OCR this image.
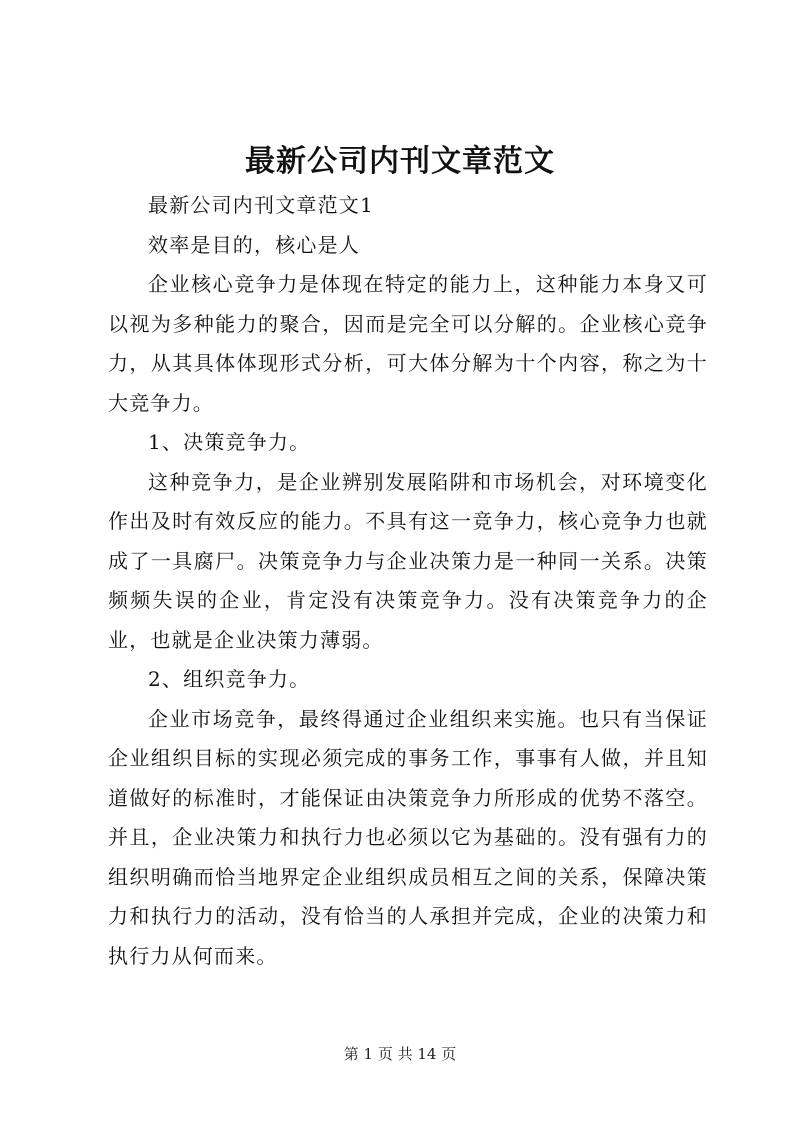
最新公司内刊文章范文

最新公司内刊文章范文1

效率是目的，核心是人

企业核心竞争力是体现在特定的能力上，这种能力本身又可以视为多种能力的聚合，因而是完全可以分解的。企业核心竞争力，从其具体体现形式分析，可大体分解为十个内容，称之为十大竞争力。

1、决策竞争力。

这种竞争力，是企业辨别发展陷阱和市场机会，对环境变化作出及时有效反应的能力。不具有这一竞争力，核心竞争力也就成了一具腐尸。决策竞争力与企业决策力是一种同一关系。决策频频失误的企业，肯定没有决策竞争力。没有决策竞争力的企业，也就是企业决策力薄弱。

2、组织竞争力。

企业市场竞争，最终得通过企业组织来实施。也只有当保证企业组织目标的实现必须完成的事务工作，事事有人做，并且知道做好的标准时，才能保证由决策竞争力所形成的优势不落空。并且，企业决策力和执行力也必须以它为基础的。没有强有力的组织明确而恰当地界定企业组织成员相互之间的关系，保障决策力和执行力的活动，没有恰当的人承担并完成，企业的决策力和执行力从何而来。

第 1 页 共 14 页
